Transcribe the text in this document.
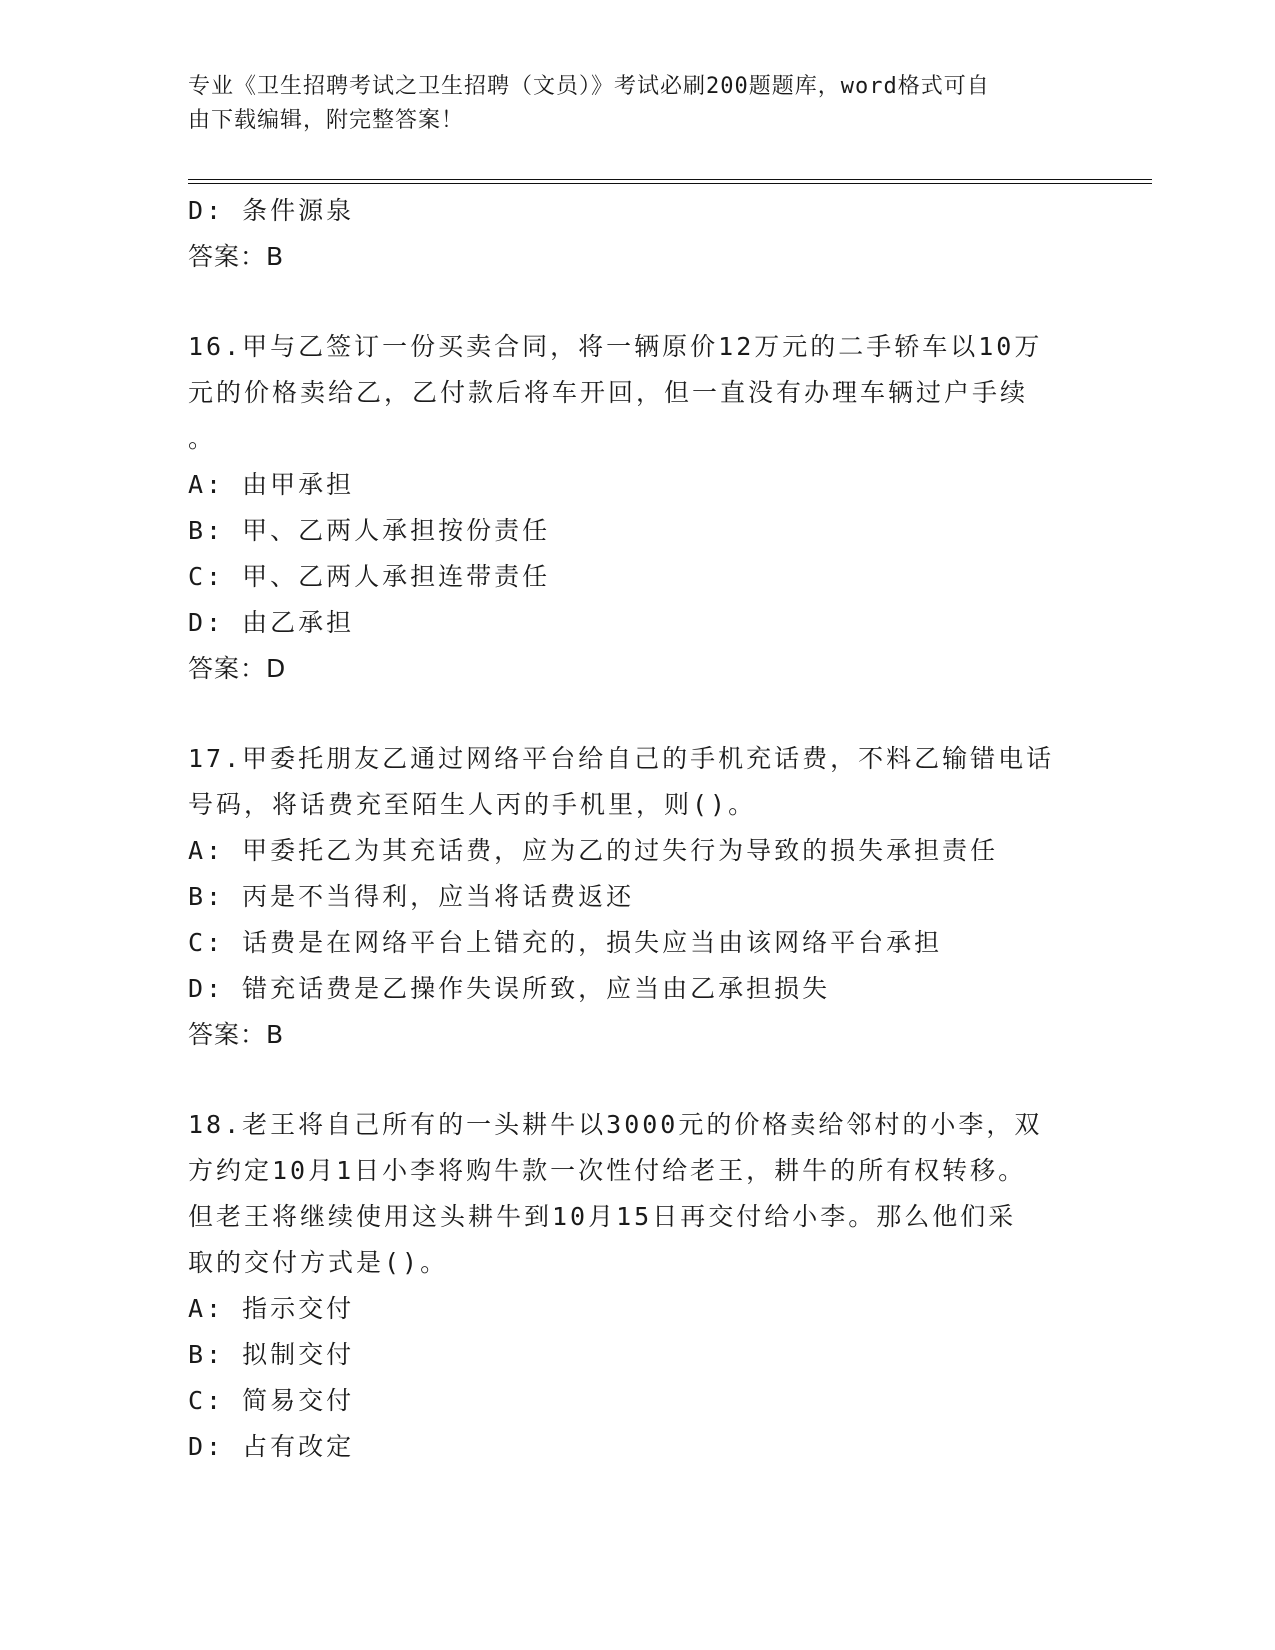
专业《卫生招聘考试之卫生招聘（文员）》考试必刷200题题库，word格式可自
由下载编辑，附完整答案！
D: 条件源泉
答案：B
16.甲与乙签订一份买卖合同，将一辆原价12万元的二手轿车以10万
元的价格卖给乙，乙付款后将车开回，但一直没有办理车辆过户手续
。
A: 由甲承担
B: 甲、乙两人承担按份责任
C: 甲、乙两人承担连带责任
D: 由乙承担
答案：D
17.甲委托朋友乙通过网络平台给自己的手机充话费，不料乙输错电话
号码，将话费充至陌生人丙的手机里，则()。
A: 甲委托乙为其充话费，应为乙的过失行为导致的损失承担责任
B: 丙是不当得利，应当将话费返还
C: 话费是在网络平台上错充的，损失应当由该网络平台承担
D: 错充话费是乙操作失误所致，应当由乙承担损失
答案：B
18.老王将自己所有的一头耕牛以3000元的价格卖给邻村的小李，双
方约定10月1日小李将购牛款一次性付给老王，耕牛的所有权转移。
但老王将继续使用这头耕牛到10月15日再交付给小李。那么他们采
取的交付方式是()。
A: 指示交付
B: 拟制交付
C: 简易交付
D: 占有改定
